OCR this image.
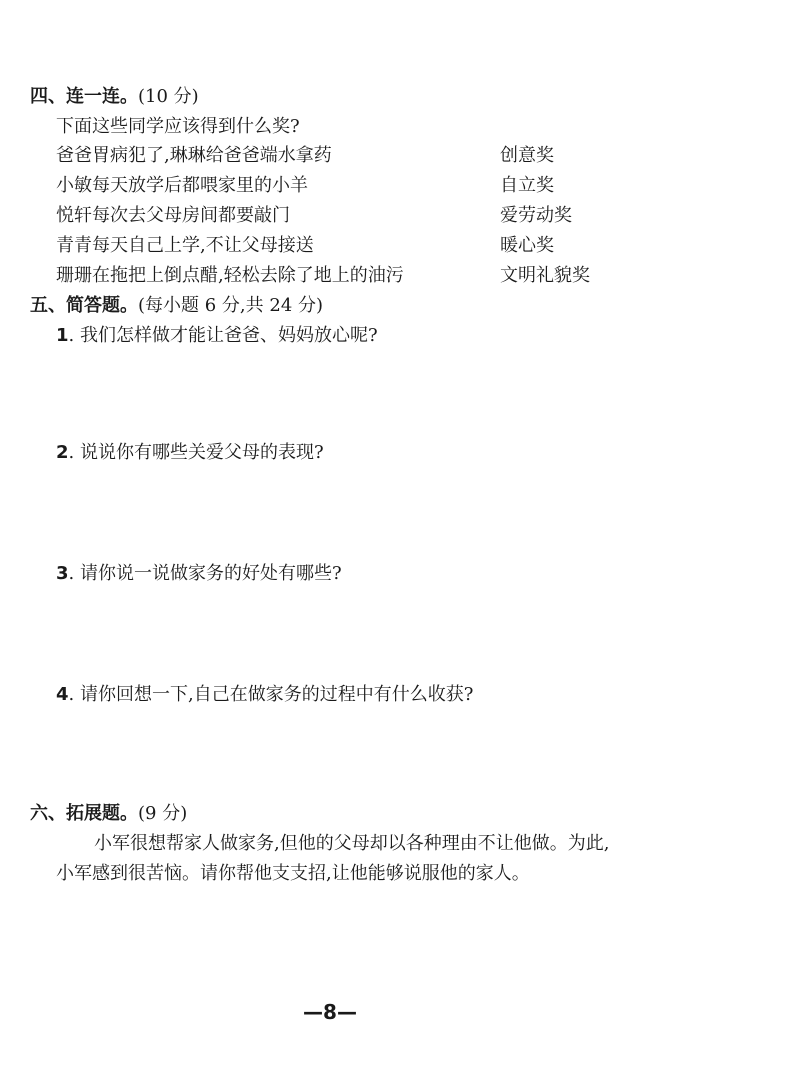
四、连一连。(10 分)
下面这些同学应该得到什么奖?
爸爸胃病犯了,琳琳给爸爸端水拿药
小敏每天放学后都喂家里的小羊
悦轩每次去父母房间都要敲门
青青每天自己上学,不让父母接送
珊珊在拖把上倒点醋,轻松去除了地上的油污
创意奖
自立奖
爱劳动奖
暖心奖
文明礼貌奖
五、简答题。(每小题 6 分,共 24 分)
1. 我们怎样做才能让爸爸、妈妈放心呢?
2. 说说你有哪些关爱父母的表现?
3. 请你说一说做家务的好处有哪些?
4. 请你回想一下,自己在做家务的过程中有什么收获?
六、拓展题。(9 分)
小军很想帮家人做家务,但他的父母却以各种理由不让他做。为此,
小军感到很苦恼。请你帮他支支招,让他能够说服他的家人。
—8—
